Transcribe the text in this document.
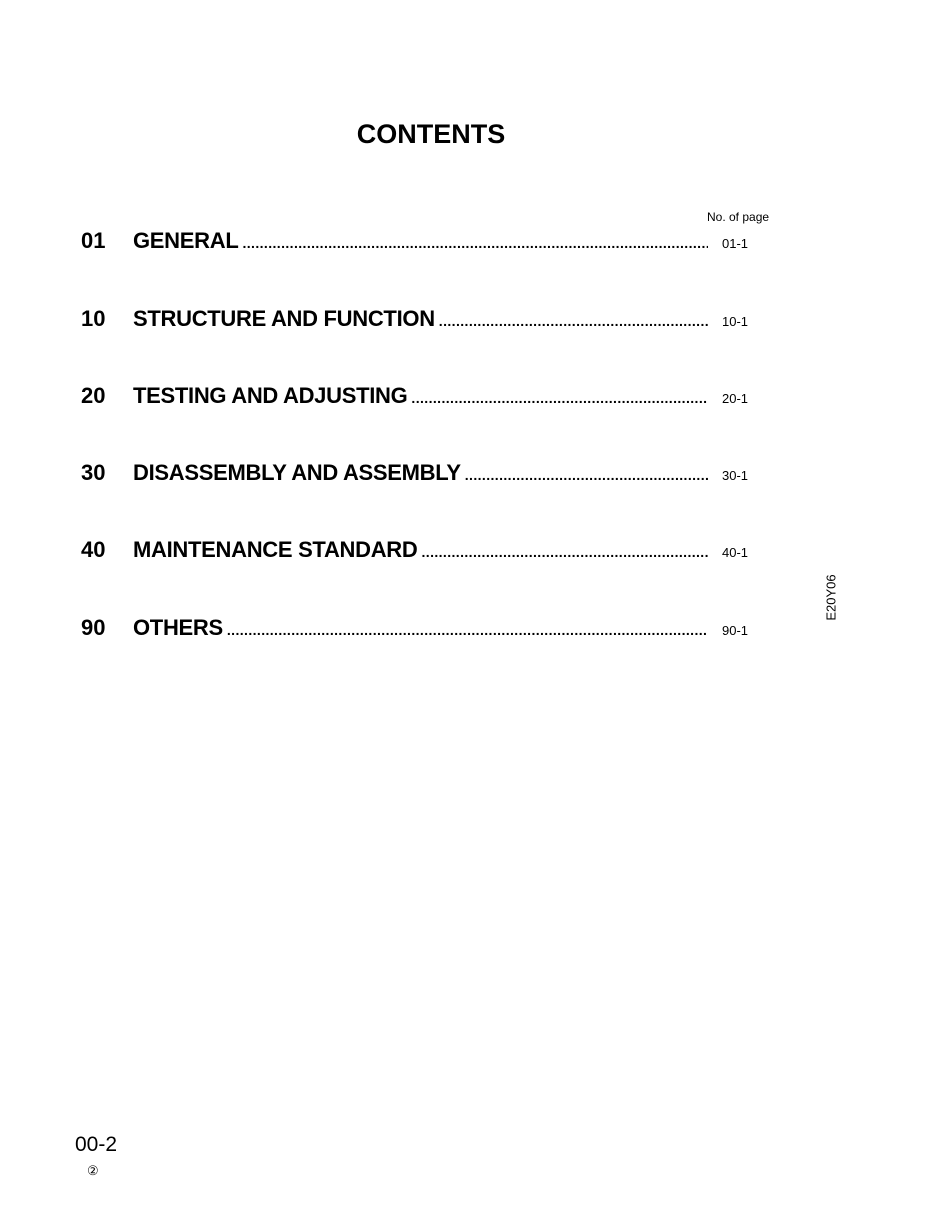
CONTENTS
No. of page
01	GENERAL .....	01-1
10	STRUCTURE AND FUNCTION .....	10-1
20	TESTING AND ADJUSTING .....	20-1
30	DISASSEMBLY AND ASSEMBLY .....	30-1
40	MAINTENANCE STANDARD .....	40-1
90	OTHERS .....	90-1
E20Y06
00-2
②
